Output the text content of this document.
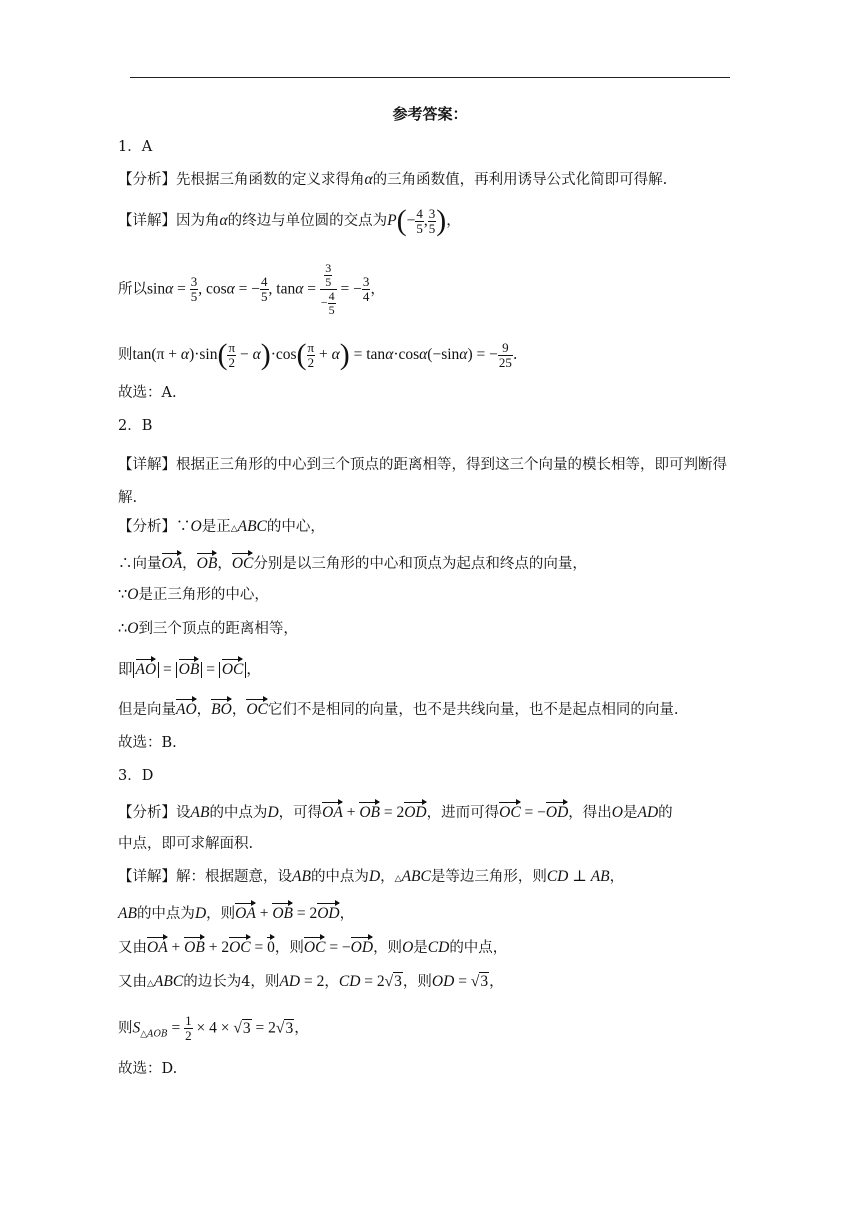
参考答案：
1．A
【分析】先根据三角函数的定义求得角α的三角函数值，再利用诱导公式化简即可得解.
【详解】因为角α的终边与单位圆的交点为$P(- \frac{4}{5}$ , $\frac{3}{5}$ )，
所以$\sin\alpha = \frac{3}{5}$ , cosα = − $\frac{4}{5}$ , $\tan\alpha = \frac{\frac{3}{5}}{- \frac{4}{5}}$ = − $\frac{3}{4}$ ，
则$\tan(\pi + \alpha)\cdot\sin( \frac{\pi}{2} - \alpha)\cdot\cos( \frac{\pi}{2} + \alpha) = \tan\alpha\cdot\cos\alpha(-\sin\alpha)$ = − $\frac{9}{25}$ .
故选：A.
2．B
【详解】根据正三角形的中心到三个顶点的距离相等，得到这三个向量的模长相等，即可判断得解.
【分析】∵O是正△ABC的中心，
∴向量OA，OB，OC分别是以三角形的中心和顶点为起点和终点的向量，
∵O是正三角形的中心，
∴O到三个顶点的距离相等，
即 AO = OB = OC ，
但是向量AO，BO，OC它们不是相同的向量，也不是共线向量，也不是起点相同的向量.
故选：B.
3．D
【分析】设AB的中点为D，可得OA + OB = 2OD，进而可得OC = −OD，得出O是AD的
中点，即可求解面积.
【详解】解：根据题意，设AB的中点为D，△ABC是等边三角形，则CD ⊥ AB，
AB的中点为D，则OA + OB = 2OD，
又由OA + OB + 2OC = 0，则OC = −OD，则O是CD的中点，
又由△ABC的边长为4，则AD = 2，CD = 2√3，则OD = √3，
则$S_{\triangle AOB} = \frac{1}{2} \times 4 \times √3 = 2√3$，
故选：D.
